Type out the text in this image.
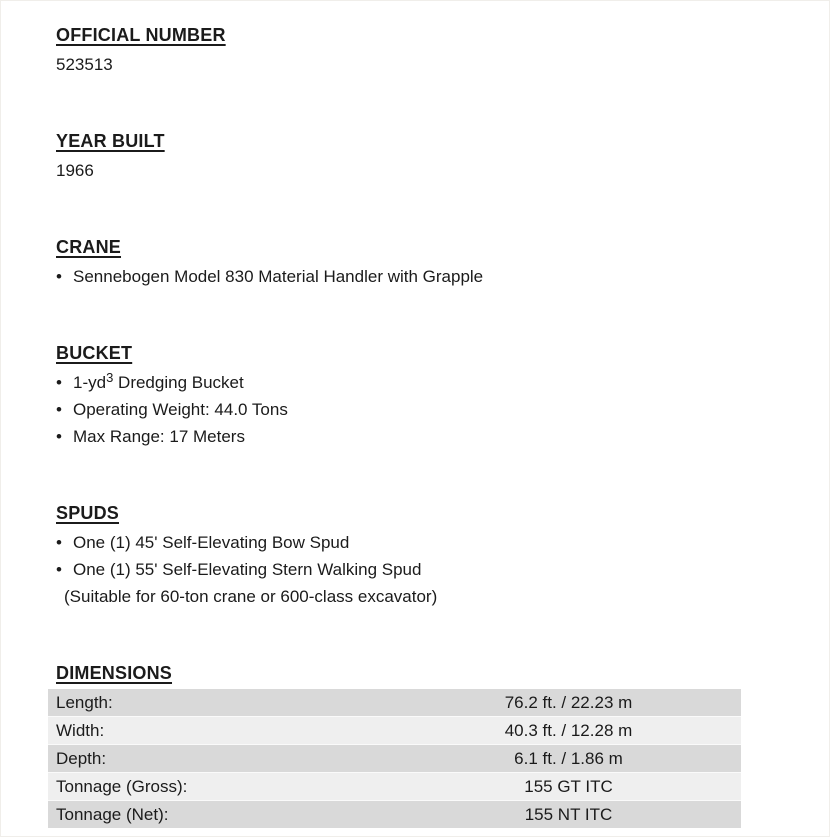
OFFICIAL NUMBER
523513
YEAR BUILT
1966
CRANE
• Sennebogen Model 830 Material Handler with Grapple
BUCKET
• $1-yd^3$ Dredging Bucket
• Operating Weight: 44.0 Tons
• Max Range: 17 Meters
SPUDS
• One (1) 45' Self-Elevating Bow Spud
• One (1) 55' Self-Elevating Stern Walking Spud
(Suitable for 60-ton crane or 600-class excavator)
DIMENSIONS
Length:	76.2 ft. / 22.23 m
Width:	40.3 ft. / 12.28 m
Depth:	6.1 ft. / 1.86 m
Tonnage (Gross):	155 GT ITC
Tonnage (Net):	155 NT ITC
